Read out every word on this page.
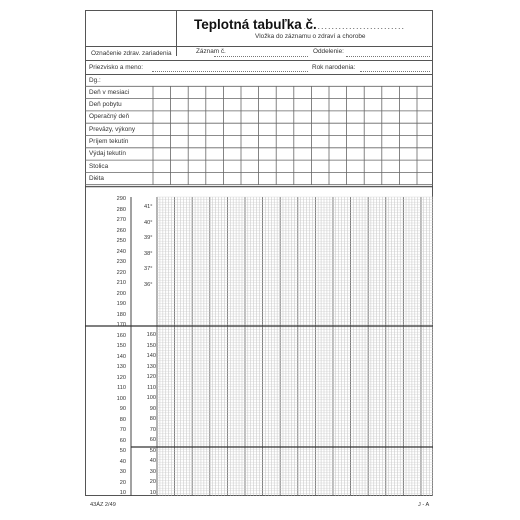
Teplotná tabuľka č.
..............................
Vložka do záznamu o zdraví a chorobe
Označenie zdrav. zariadenia	Záznam č.	Oddelenie:
Priezvisko a meno:	Rok narodenia:
Dg.:
Deň v mesiaci
Deň pobytu
Operačný deň
Preväzy, výkony
Príjem tekutín
Výdaj tekutín
Stolica
Diéta
290
280
270
260
250
240
230
220
210
200
190
180
170
160
150
140
130
120
110
100
90
80
70
60
50
40
30
20
10
41°
40°
39°
38°
37°
36°
160
150
140
130
120
110
100
90
80
70
60
50
40
30
20
10
43ÁZ 2/49	J - A
